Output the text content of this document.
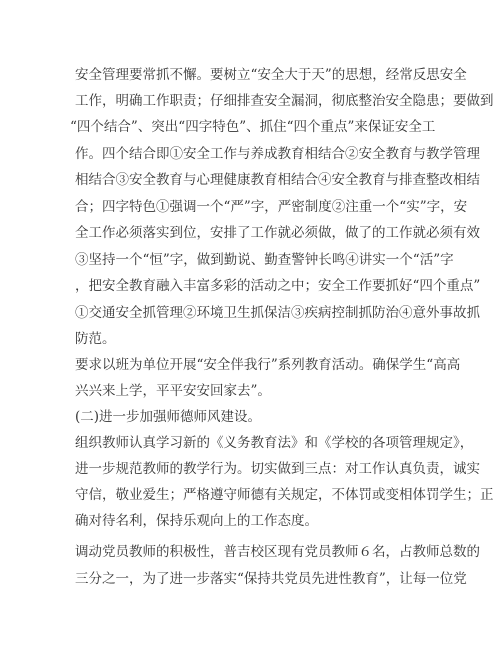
安全管理要常抓不懈。要树立“安全大于天”的思想，经常反思安全
工作，明确工作职责；仔细排查安全漏洞，彻底整治安全隐患；要做到
“四个结合”、突出“四字特色”、抓住“四个重点”来保证安全工
作。四个结合即①安全工作与养成教育相结合②安全教育与教学管理
相结合③安全教育与心理健康教育相结合④安全教育与排查整改相结
合；四字特色①强调一个“严”字，严密制度②注重一个“实”字，安
全工作必须落实到位，安排了工作就必须做，做了的工作就必须有效
③坚持一个“恒”字，做到勤说、勤查警钟长鸣④讲实一个“活”字
，把安全教育融入丰富多彩的活动之中；安全工作要抓好“四个重点”
①交通安全抓管理②环境卫生抓保洁③疾病控制抓防治④意外事故抓
防范。
要求以班为单位开展“安全伴我行”系列教育活动。确保学生“高高
兴兴来上学，平平安安回家去”。
(二)进一步加强师德师风建设。
组织教师认真学习新的《义务教育法》和《学校的各项管理规定》，
进一步规范教师的教学行为。切实做到三点：对工作认真负责，诚实
守信，敬业爱生；严格遵守师德有关规定，不体罚或变相体罚学生；正
确对待名利，保持乐观向上的工作态度。
调动党员教师的积极性，普吉校区现有党员教师６名，占教师总数的
三分之一，为了进一步落实“保持共党员先进性教育”，让每一位党
